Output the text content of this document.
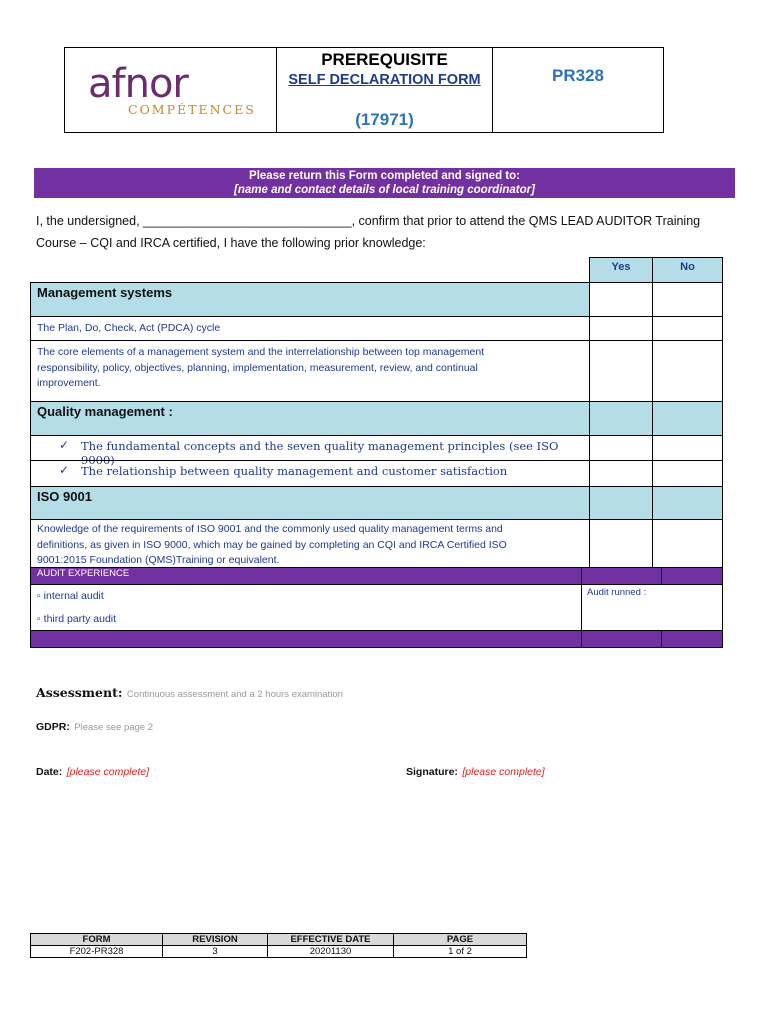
afnor
COMPÉTENCES
PREREQUISITE
SELF DECLARATION FORM
(17971)
PR328
Please return this Form completed and signed to:
[name and contact details of local training coordinator]
I, the undersigned, ______________________________, confirm that prior to attend the QMS LEAD AUDITOR Training
Course – CQI and IRCA certified, I have the following prior knowledge:
Yes	No
Management systems
The Plan, Do, Check, Act (PDCA) cycle
The core elements of a management system and the interrelationship between top management
responsibility, policy, objectives, planning, implementation, measurement, review, and continual
improvement.
Quality management :
✓ The fundamental concepts and the seven quality management principles (see ISO 9000)
✓ The relationship between quality management and customer satisfaction
ISO 9001
Knowledge of the requirements of ISO 9001 and the commonly used quality management terms and
definitions, as given in ISO 9000, which may be gained by completing an CQI and IRCA Certified ISO
9001:2015 Foundation (QMS)Training or equivalent.
AUDIT EXPERIENCE
▫ internal audit
▫ third party audit
Audit runned :
Assessment: Continuous assessment and a 2 hours examination
GDPR: Please see page 2
Date: [please complete]	Signature: [please complete]
FORM	REVISION	EFFECTIVE DATE	PAGE
F202-PR328	3	20201130	1 of 2
